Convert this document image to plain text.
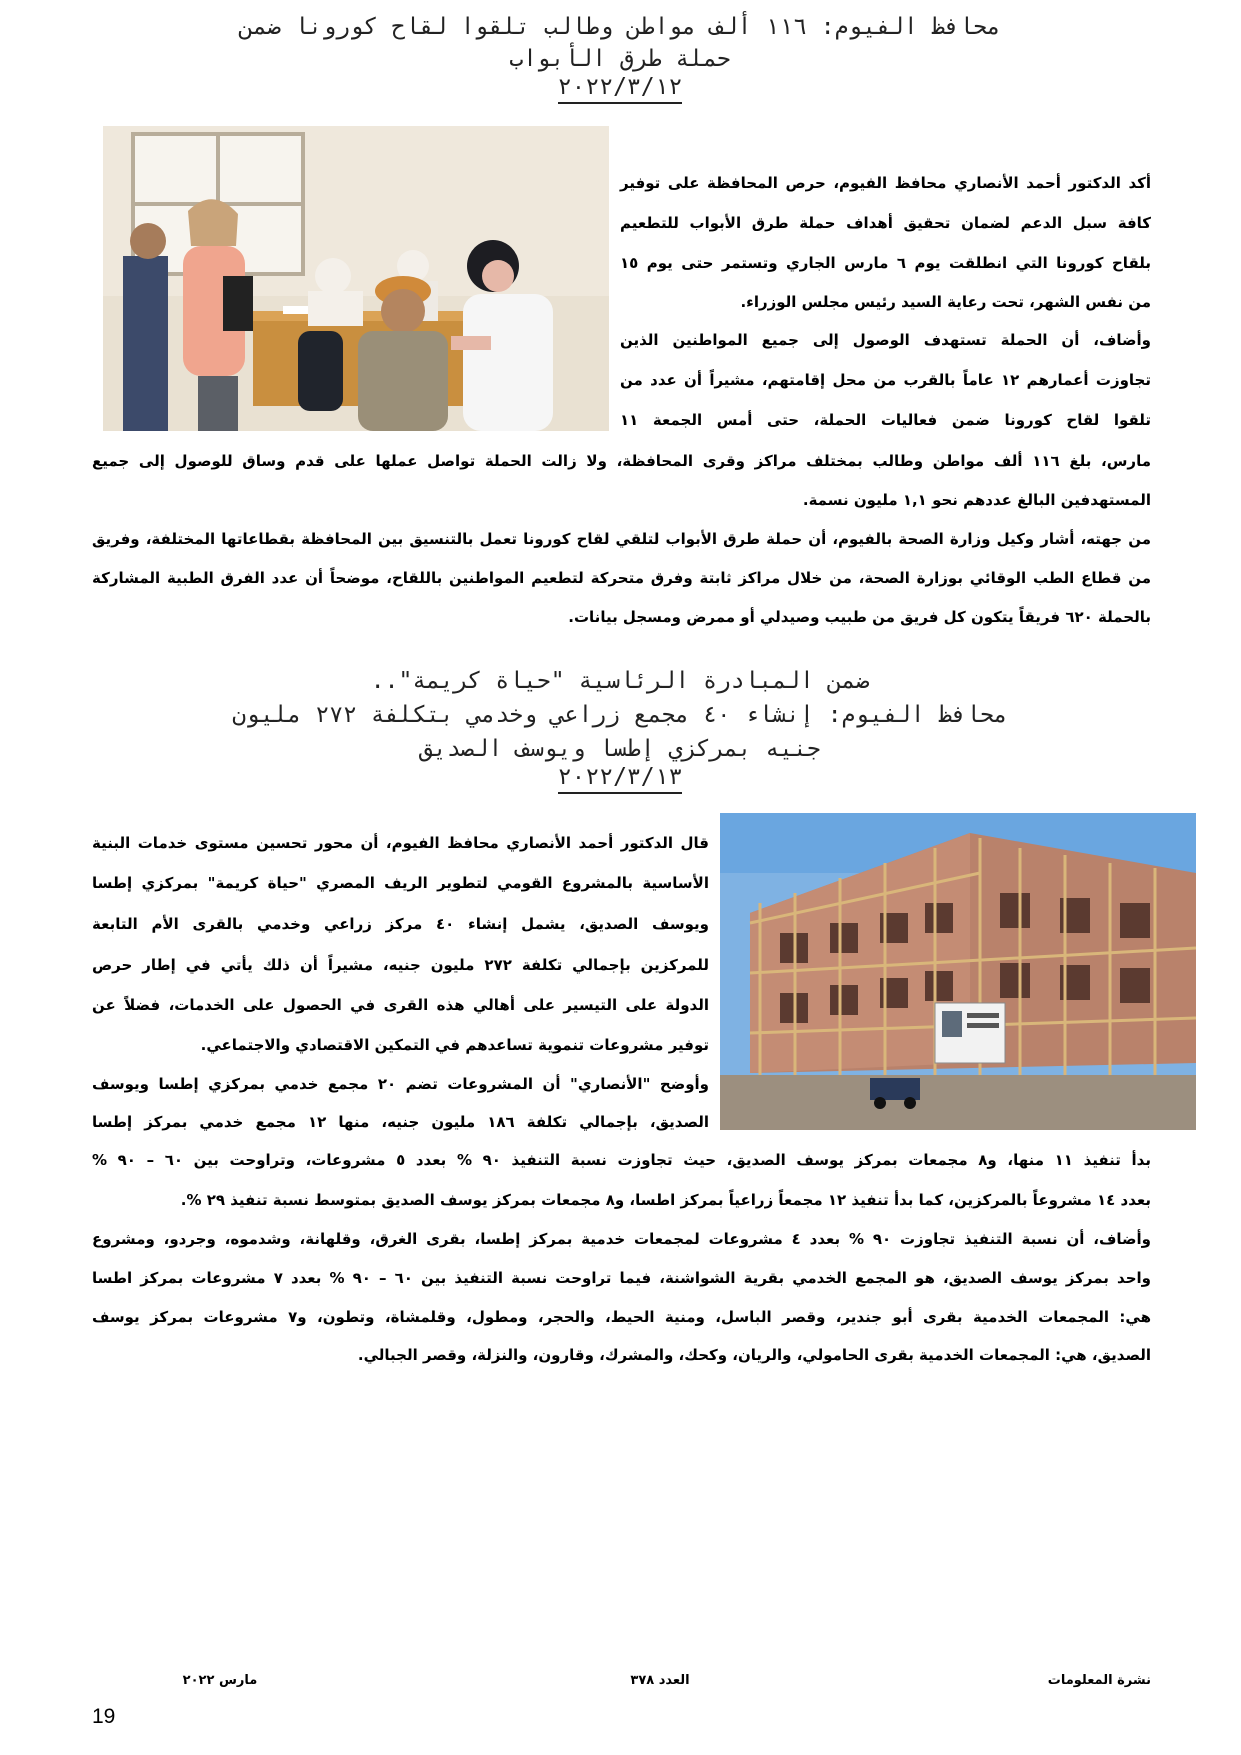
محافظ الفيوم: ١١٦ ألف مواطن وطالب تلقوا لقاح كورونا ضمن
حملة طرق الأبواب
٢٠٢٢/٣/١٢
أكد الدكتور أحمد الأنصاري محافظ الفيوم، حرص المحافظة على توفير
كافة سبل الدعم لضمان تحقيق أهداف حملة طرق الأبواب للتطعيم
بلقاح كورونا التي انطلقت يوم ٦ مارس الجاري وتستمر حتى يوم ١٥
من نفس الشهر، تحت رعاية السيد رئيس مجلس الوزراء.
وأضاف، أن الحملة تستهدف الوصول إلى جميع المواطنين الذين
تجاوزت أعمارهم ١٢ عاماً بالقرب من محل إقامتهم، مشيراً أن عدد من
تلقوا لقاح كورونا ضمن فعاليات الحملة، حتى أمس الجمعة ١١
مارس، بلغ ١١٦ ألف مواطن وطالب بمختلف مراكز وقرى المحافظة، ولا زالت الحملة تواصل عملها على قدم وساق للوصول إلى جميع
المستهدفين البالغ عددهم نحو ١,١ مليون نسمة.
من جهته، أشار وكيل وزارة الصحة بالفيوم، أن حملة طرق الأبواب لتلقي لقاح كورونا تعمل بالتنسيق بين المحافظة بقطاعاتها المختلفة، وفريق
من قطاع الطب الوقائي بوزارة الصحة، من خلال مراكز ثابتة وفرق متحركة لتطعيم المواطنين باللقاح، موضحاً أن عدد الفرق الطبية المشاركة
بالحملة ٦٢٠ فريقاً يتكون كل فريق من طبيب وصيدلي أو ممرض ومسجل بيانات.
ضمن المبادرة الرئاسية "حياة كريمة"..
محافظ الفيوم: إنشاء ٤٠ مجمع زراعي وخدمي بتكلفة ٢٧٢ مليون
جنيه بمركزي إطسا ويوسف الصديق
٢٠٢٢/٣/١٣
قال الدكتور أحمد الأنصاري محافظ الفيوم، أن محور تحسين مستوى خدمات البنية
الأساسية بالمشروع القومي لتطوير الريف المصري "حياة كريمة" بمركزي إطسا
ويوسف الصديق، يشمل إنشاء ٤٠ مركز زراعي وخدمي بالقرى الأم التابعة
للمركزين بإجمالي تكلفة ٢٧٢ مليون جنيه، مشيراً أن ذلك يأتي في إطار حرص
الدولة على التيسير على أهالي هذه القرى في الحصول على الخدمات، فضلاً عن
توفير مشروعات تنموية تساعدهم في التمكين الاقتصادي والاجتماعي.
وأوضح "الأنصاري" أن المشروعات تضم ٢٠ مجمع خدمي بمركزي إطسا ويوسف
الصديق، بإجمالي تكلفة ١٨٦ مليون جنيه، منها ١٢ مجمع خدمي بمركز إطسا
بدأ تنفيذ ١١ منها، و٨ مجمعات بمركز يوسف الصديق، حيث تجاوزت نسبة التنفيذ ٩٠ % بعدد ٥ مشروعات، وتراوحت بين ٦٠ – ٩٠ %
بعدد ١٤ مشروعاً بالمركزين، كما بدأ تنفيذ ١٢ مجمعاً زراعياً بمركز اطسا، و٨ مجمعات بمركز يوسف الصديق بمتوسط نسبة تنفيذ ٢٩ %.
وأضاف، أن نسبة التنفيذ تجاوزت ٩٠ % بعدد ٤ مشروعات لمجمعات خدمية بمركز إطسا، بقرى الغرق، وقلهانة، وشدموه، وجردو، ومشروع
واحد بمركز يوسف الصديق، هو المجمع الخدمي بقرية الشواشنة، فيما تراوحت نسبة التنفيذ بين ٦٠ – ٩٠ % بعدد ٧ مشروعات بمركز اطسا
هي: المجمعات الخدمية بقرى أبو جندير، وقصر الباسل، ومنية الحيط، والحجر، ومطول، وقلمشاة، وتطون، و٧ مشروعات بمركز يوسف
الصديق، هي: المجمعات الخدمية بقرى الحامولي، والريان، وكحك، والمشرك، وقارون، والنزلة، وقصر الجبالي.
نشرة المعلومات
العدد ٣٧٨
مارس ٢٠٢٢
19
